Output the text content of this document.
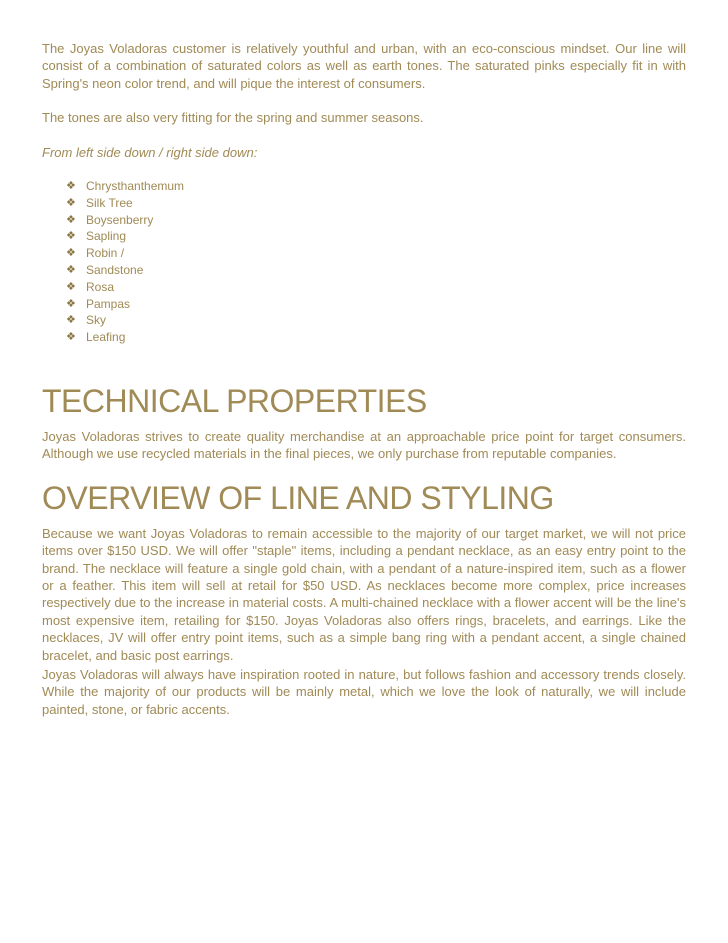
The Joyas Voladoras customer is relatively youthful and urban, with an eco-conscious mindset. Our line will consist of a combination of saturated colors as well as earth tones. The saturated pinks especially fit in with Spring's neon color trend, and will pique the interest of consumers.

The tones are also very fitting for the spring and summer seasons.

From left side down / right side down:

❖ Chrysthanthemum
❖ Silk Tree
❖ Boysenberry
❖ Sapling
❖ Robin /
❖ Sandstone
❖ Rosa
❖ Pampas
❖ Sky
❖ Leafing
TECHNICAL PROPERTIES

Joyas Voladoras strives to create quality merchandise at an approachable price point for target consumers. Although we use recycled materials in the final pieces, we only purchase from reputable companies.

OVERVIEW OF LINE AND STYLING

Because we want Joyas Voladoras to remain accessible to the majority of our target market, we will not price items over $150 USD. We will offer "staple" items, including a pendant necklace, as an easy entry point to the brand. The necklace will feature a single gold chain, with a pendant of a nature-inspired item, such as a flower or a feather. This item will sell at retail for $50 USD. As necklaces become more complex, price increases respectively due to the increase in material costs. A multi-chained necklace with a flower accent will be the line's most expensive item, retailing for $150. Joyas Voladoras also offers rings, bracelets, and earrings. Like the necklaces, JV will offer entry point items, such as a simple bang ring with a pendant accent, a single chained bracelet, and basic post earrings.

Joyas Voladoras will always have inspiration rooted in nature, but follows fashion and accessory trends closely. While the majority of our products will be mainly metal, which we love the look of naturally, we will include painted, stone, or fabric accents.
